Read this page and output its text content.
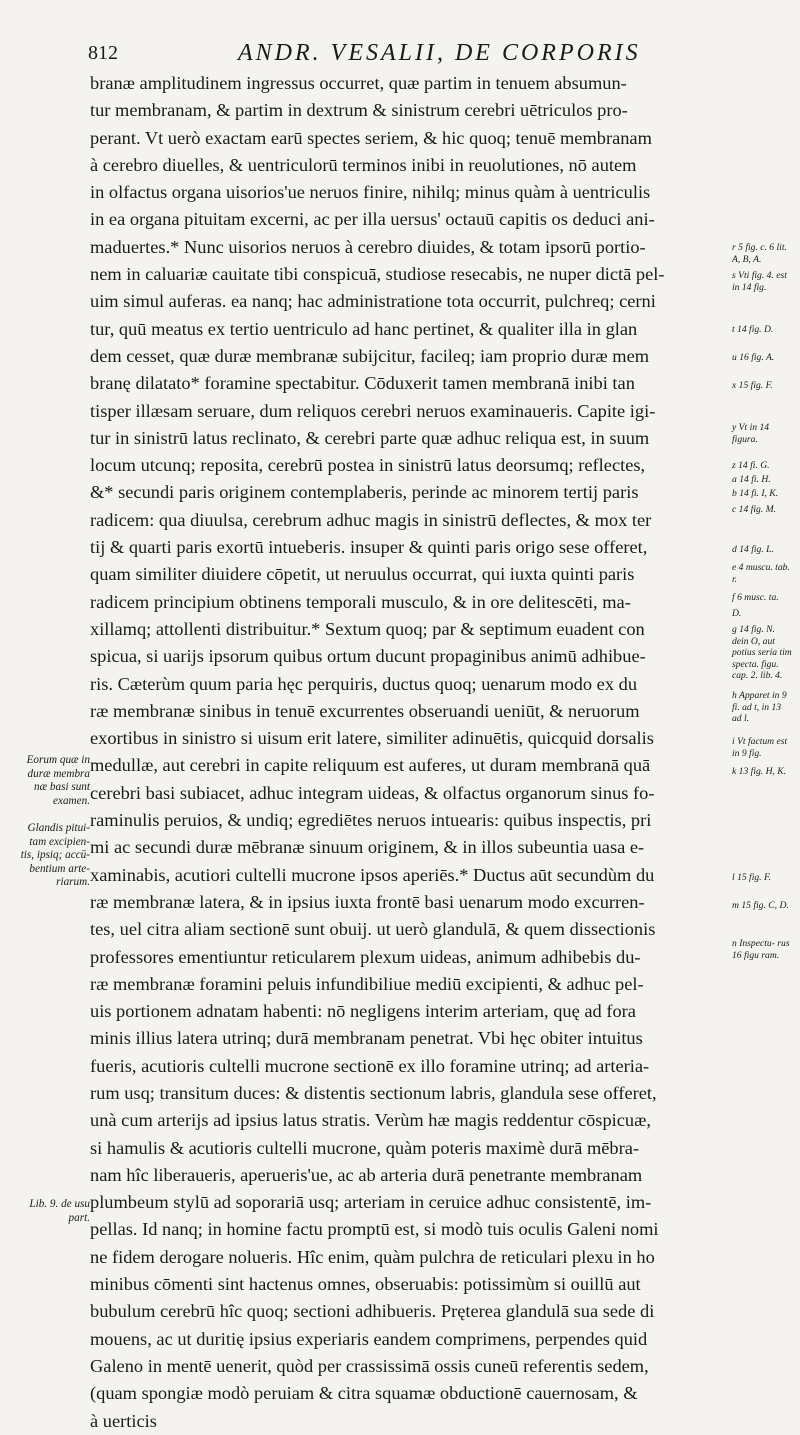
812	ANDR. VESALII, DE CORPORIS
branæ amplitudinem ingressus occurret, quæ partim in tenuem absumun-
tur membranam, & partim in dextrum & sinistrum cerebri uētriculos pro-
perant. Vt uerò exactam earū spectes seriem, & hic quoq; tenuē membranam
à cerebro diuelles, & uentriculorū terminos inibi in reuolutiones, nō autem
in olfactus organa uisorios'ue neruos finire, nihilq; minus quàm à uentriculis
in ea organa pituitam excerni, ac per illa uersus' octauū capitis os deduci ani-
maduertes.* Nunc uisorios neruos à cerebro diuides, & totam ipsorū portio-
nem in caluariæ cauitate tibi conspicuā, studiose resecabis, ne nuper dictā pel-
uim simul auferas. ea nanq; hac administratione tota occurrit, pulchreq; cerni
tur, quū meatus ex tertio uentriculo ad hanc pertinet, & qualiter illa in glan
dem cesset, quæ duræ membranæ subijcitur, facileq; iam proprio duræ mem
branę dilatato* foramine spectabitur. Cōduxerit tamen membranā inibi tan
tisper illæsam seruare, dum reliquos cerebri neruos examinaueris. Capite igi-
tur in sinistrū latus reclinato, & cerebri parte quæ adhuc reliqua est, in suum
locum utcunq; reposita, cerebrū postea in sinistrū latus deorsumq; reflectes,
&* secundi paris originem contemplaberis, perinde ac minorem tertij paris
radicem: qua diuulsa, cerebrum adhuc magis in sinistrū deflectes, & mox ter
tij & quarti paris exortū intueberis. insuper & quinti paris origo sese offeret,
quam similiter diuidere cōpetit, ut neruulus occurrat, qui iuxta quinti paris
radicem principium obtinens temporali musculo, & in ore delitescēti, ma-
xillamq; attollenti distribuitur.* Sextum quoq; par & septimum euadent con
spicua, si uarijs ipsorum quibus ortum ducunt propaginibus animū adhibue-
ris. Cæterùm quum paria hęc perquiris, ductus quoq; uenarum modo ex du
ræ membranæ sinibus in tenuē excurrentes obseruandi ueniūt, & neruorum
exortibus in sinistro si uisum erit latere, similiter adinuētis, quicquid dorsalis
medullæ, aut cerebri in capite reliquum est auferes, ut duram membranā quā
cerebri basi subiacet, adhuc integram uideas, & olfactus organorum sinus fo-
raminulis peruios, & undiq; egrediētes neruos intuearis: quibus inspectis, pri
mi ac secundi duræ mēbranæ sinuum originem, & in illos subeuntia uasa e-
xaminabis, acutiori cultelli mucrone ipsos aperiēs.* Ductus aūt secundùm du
ræ membranæ latera, & in ipsius iuxta frontē basi uenarum modo excurren-
tes, uel citra aliam sectionē sunt obuij. ut uerò glandulā, & quem dissectionis
professores ementiuntur reticularem plexum uideas, animum adhibebis du-
ræ membranæ foramini peluis infundibiliue mediū excipienti, & adhuc pel-
uis portionem adnatam habenti: nō negligens interim arteriam, quę ad fora
minis illius latera utrinq; durā membranam penetrat. Vbi hęc obiter intuitus
fueris, acutioris cultelli mucrone sectionē ex illo foramine utrinq; ad arteria-
rum usq; transitum duces: & distentis sectionum labris, glandula sese offeret,
unà cum arterijs ad ipsius latus stratis. Verùm hæ magis reddentur cōspicuæ,
si hamulis & acutioris cultelli mucrone, quàm poteris maximè durā mēbra-
nam hîc liberaueris, aperueris'ue, ac ab arteria durā penetrante membranam
plumbeum stylū ad soporariā usq; arteriam in ceruice adhuc consistentē, im-
pellas. Id nanq; in homine factu promptū est, si modò tuis oculis Galeni nomi
ne fidem derogare nolueris. Hîc enim, quàm pulchra de reticulari plexu in ho
minibus cōmenti sint hactenus omnes, obseruabis: potissimùm si ouillū aut
bubulum cerebrū hîc quoq; sectioni adhibueris. Pręterea glandulā sua sede di
mouens, ac ut duritię ipsius experiaris eandem comprimens, perpendes quid
Galeno in mentē uenerit, quòd per crassissimā ossis cuneū referentis sedem,
(quam spongiæ modò peruiam & citra squamæ obductionē cauernosam, &
à uerticis
Eorum quæ in duræ membra næ basi sunt examen.
Glandis pitui- tam excipien- tis, ipsiq; accū- bentium arte- riarum.
Lib. 9. de usu part.
r 5 fig. c. 6 lit. A, B, A.
s Vti fig. 4. est in 14 fig.
t 14 fig. D.
u 16 fig. A.
x 15 fig. F.
y Vt in 14 figura.
z 14 fi. G.
a 14 fi. H.
b 14 fi. I, K.
c 14 fig. M.
d 14 fig. L.
e 4 muscu. tab. r.
f 6 musc. ta.
D.
g 14 fig. N. dein O, aut potius seria tim specta. figu. cap. 2. lib. 4.
h Apparet in 9 fi. ad t, in 13 ad l.
i Vt factum est in 9 fig.
k 13 fig. H, K.
l 15 fig. F.
m 15 fig. C, D.
n Inspectu- rus 16 figu ram.
